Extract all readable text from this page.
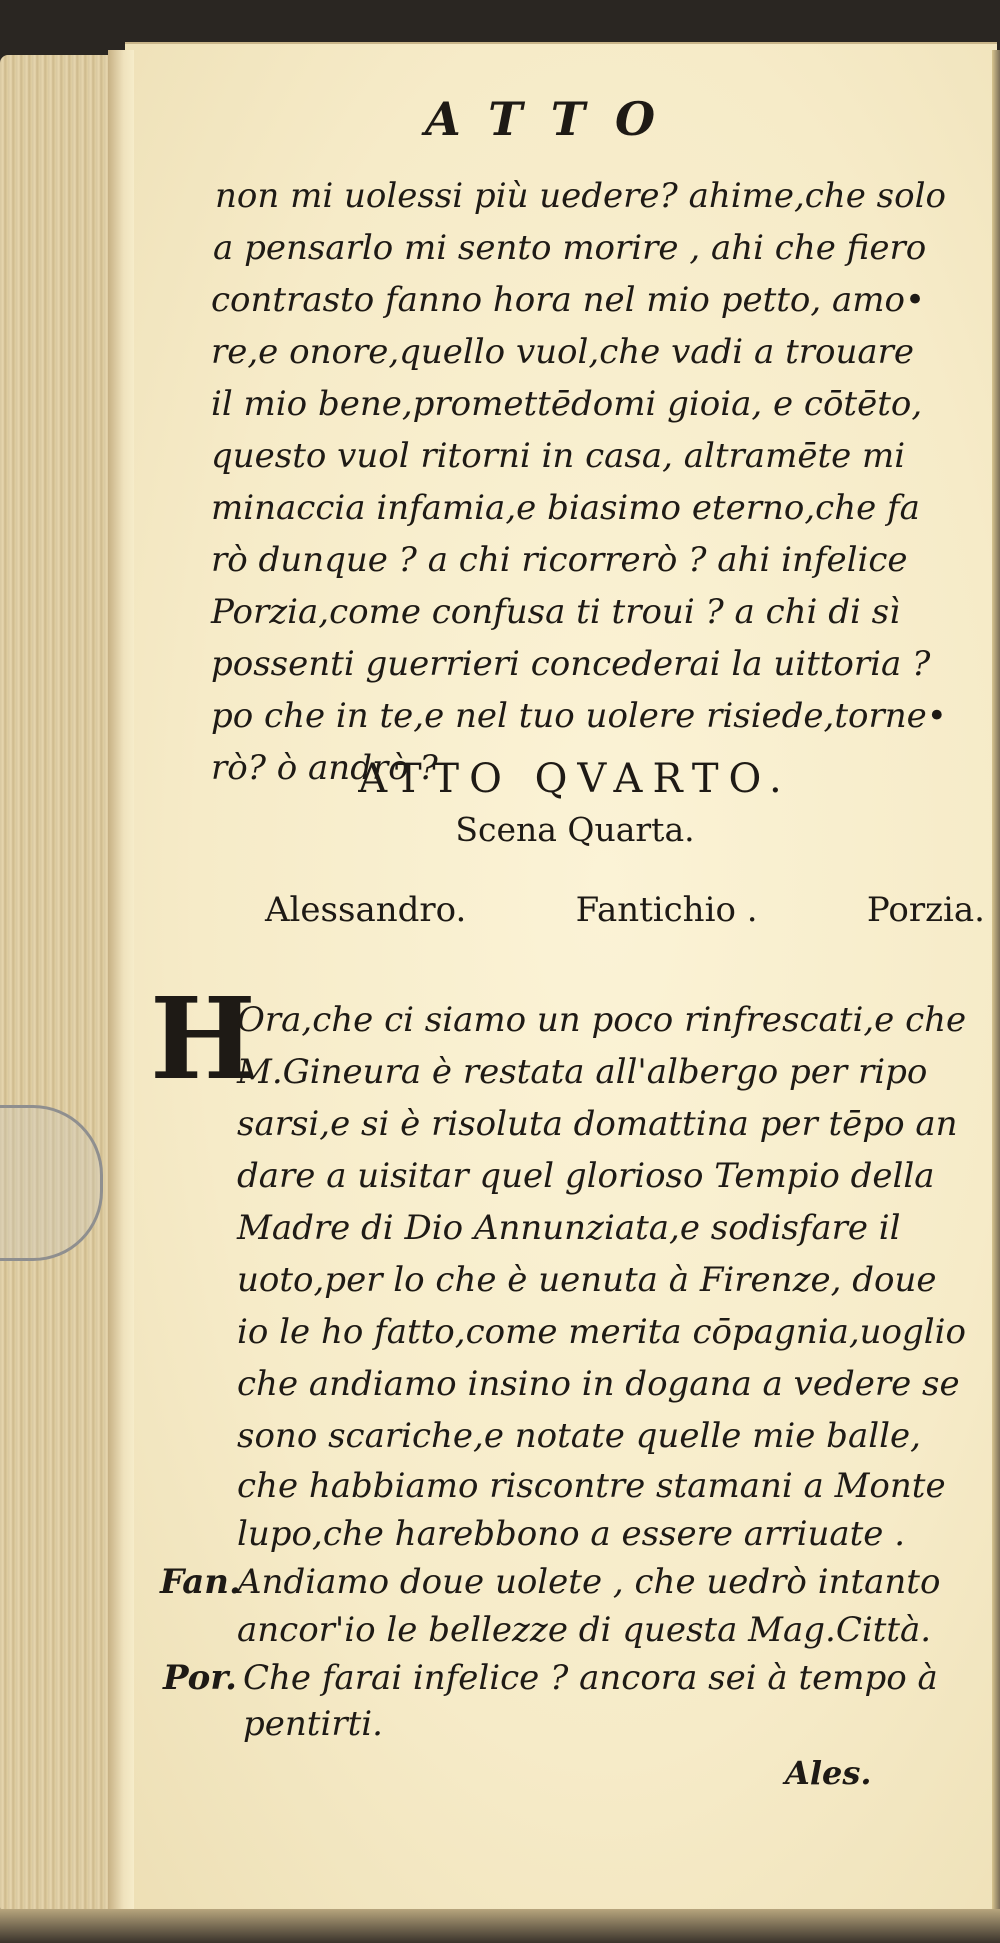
ATTO

non mi uolessi più uedere? ahime,che solo

a pensarlo mi sento morire , ahi che fiero

contrasto fanno hora nel mio petto, amo•

re,e onore,quello vuol,che vadi a trouare

il mio bene,promettēdomi gioia, e cōtēto,

questo vuol ritorni in casa, altramēte mi

minaccia infamia,e biasimo eterno,che fa

rò dunque ? a chi ricorrerò ? ahi infelice

Porzia,come confusa ti troui ? a chi di sì

possenti guerrieri concederai la uittoria ?

po che in te,e nel tuo uolere risiede,torne•

rò? ò andrò ?

ATTO QVARTO.

Scena Quarta.

Alessandro.	Fantichio .	Porzia.

H

Ora,che ci siamo un poco rinfrescati,e che

M.Gineura è restata all'albergo per ripo

sarsi,e si è risoluta domattina per tēpo an

dare a uisitar quel glorioso Tempio della

Madre di Dio Annunziata,e sodisfare il

uoto,per lo che è uenuta à Firenze, doue

io le ho fatto,come merita cōpagnia,uoglio

che andiamo insino in dogana a vedere se

sono scariche,e notate quelle mie balle,

che habbiamo riscontre stamani a Monte

lupo,che harebbono a essere arriuate .

Fan.

Andiamo doue uolete , che uedrò intanto

ancor'io le bellezze di questa Mag.Città.

Por. Che farai infelice ? ancora sei à tempo à

pentirti.

Ales.
